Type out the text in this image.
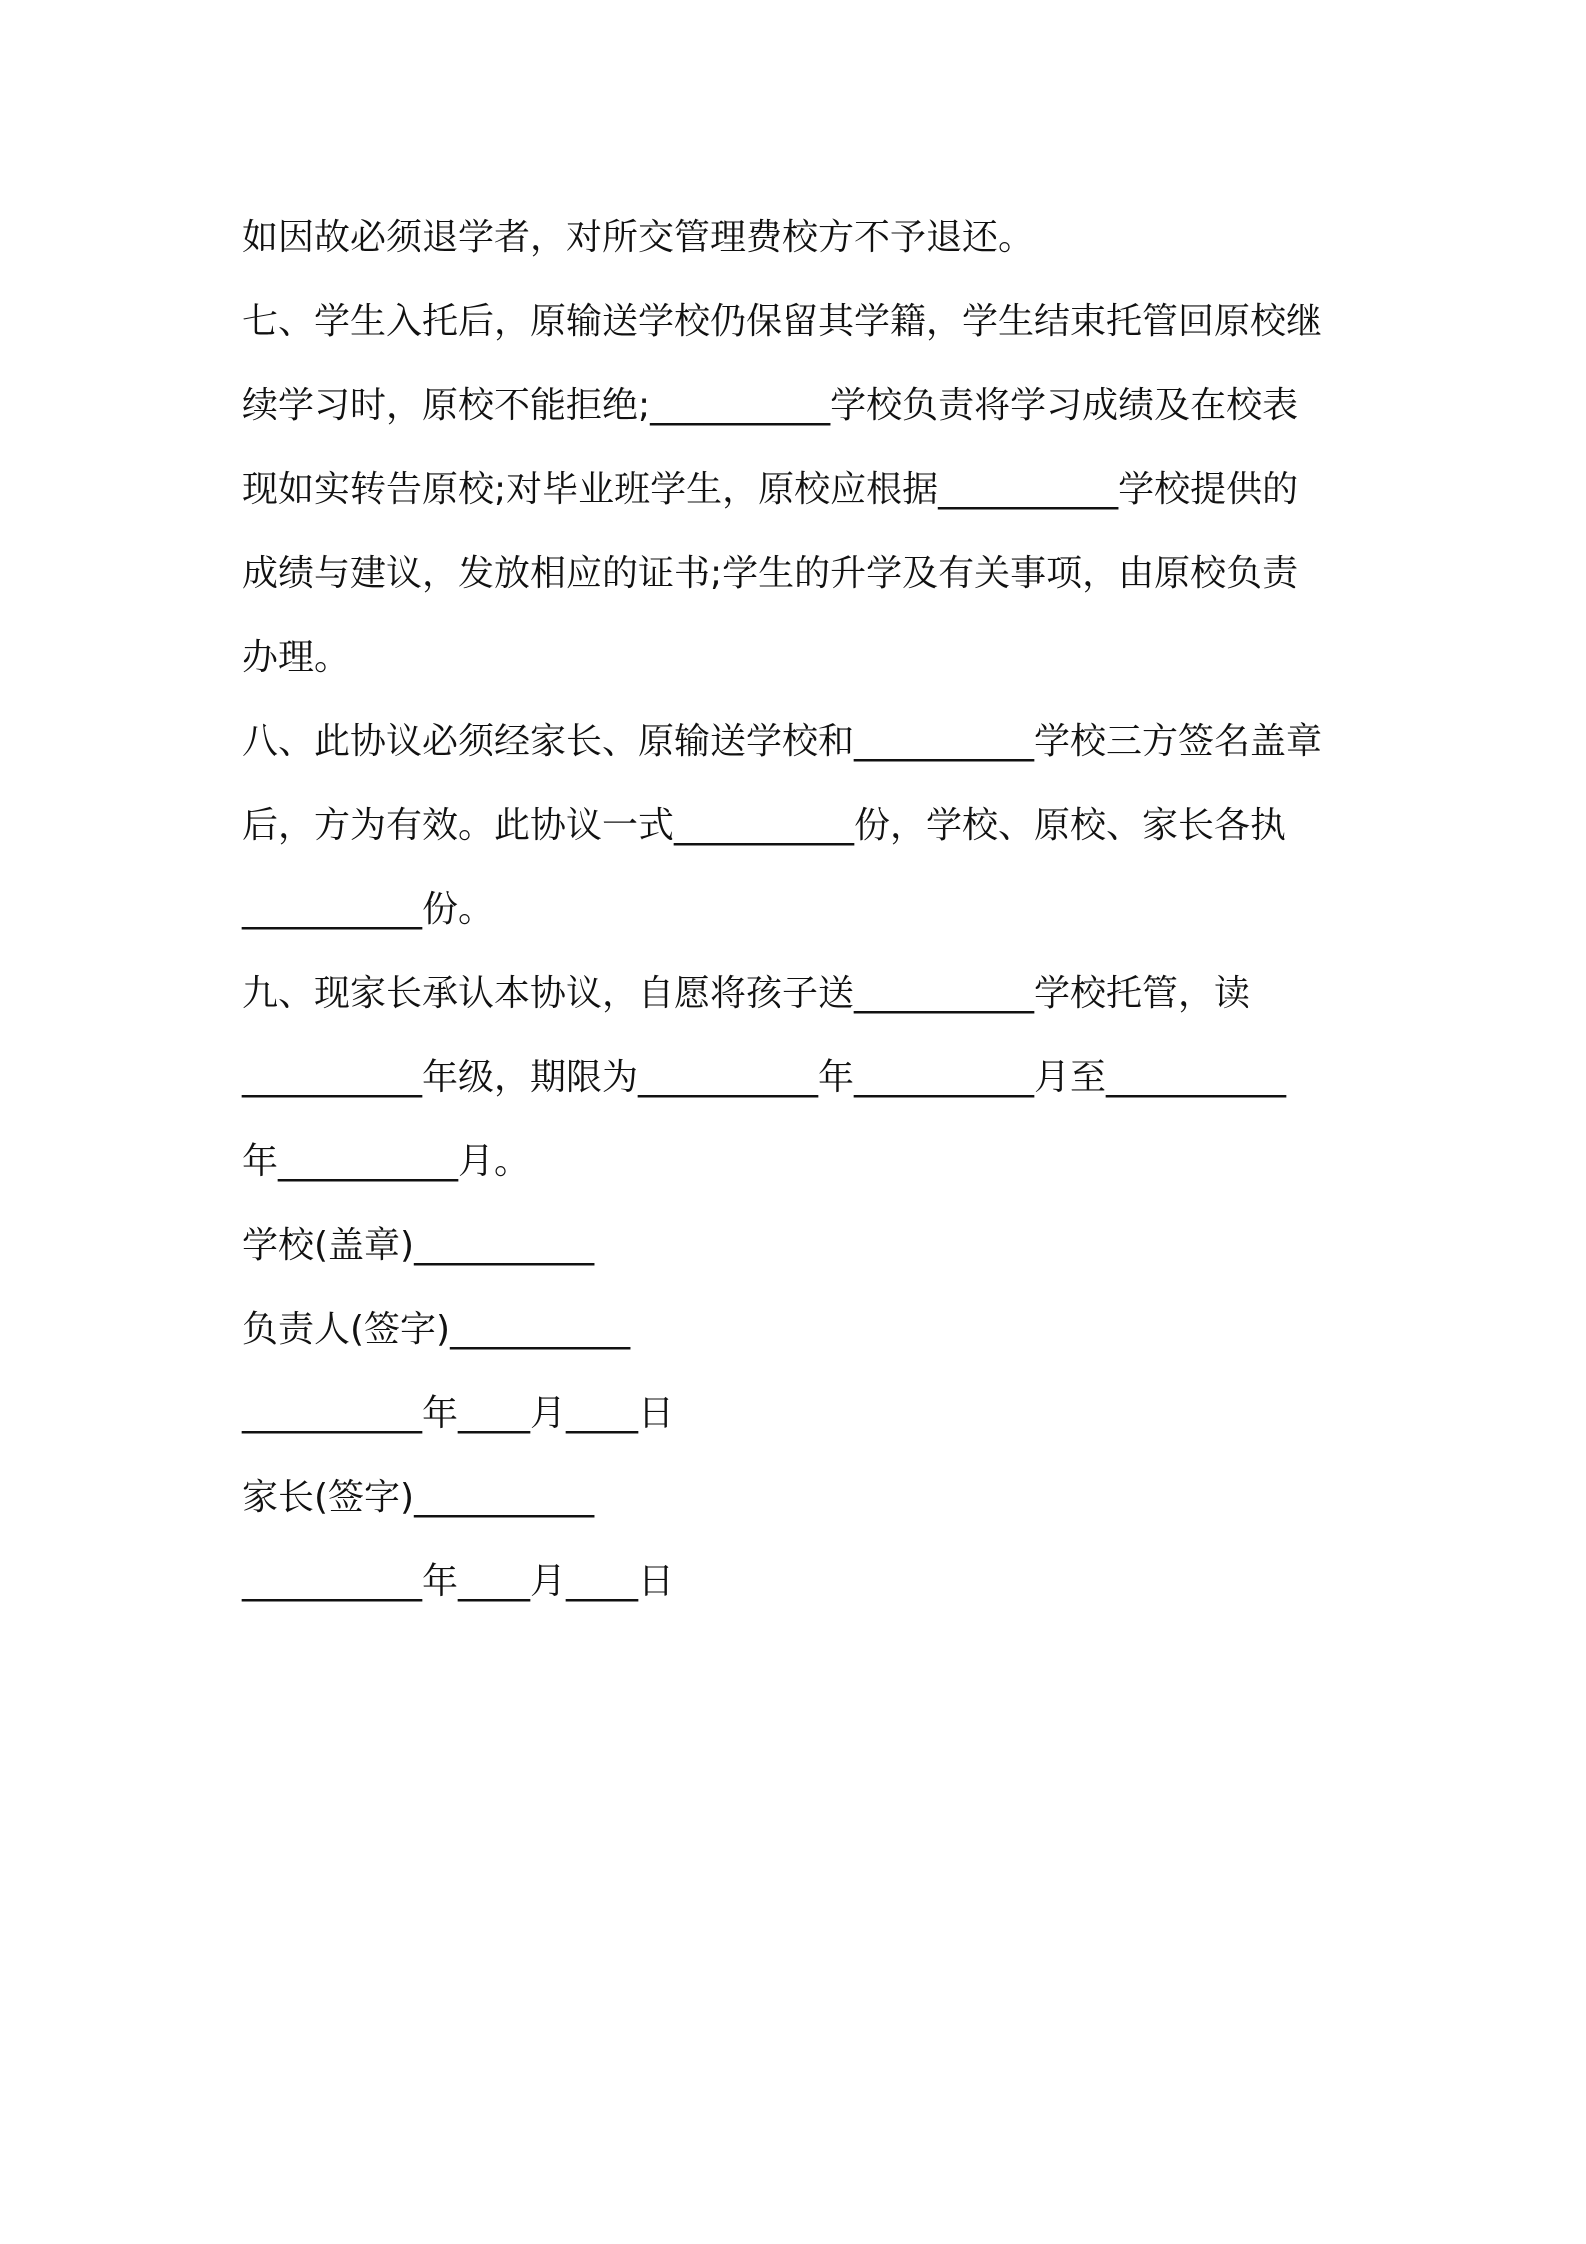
如因故必须退学者，对所交管理费校方不予退还。

七、学生入托后，原输送学校仍保留其学籍，学生结束托管回原校继

续学习时，原校不能拒绝;__________学校负责将学习成绩及在校表

现如实转告原校;对毕业班学生，原校应根据__________学校提供的

成绩与建议，发放相应的证书;学生的升学及有关事项，由原校负责

办理。

八、此协议必须经家长、原输送学校和__________学校三方签名盖章

后，方为有效。此协议一式__________份，学校、原校、家长各执

__________份。

九、现家长承认本协议，自愿将孩子送__________学校托管，读

__________年级，期限为__________年__________月至__________

年__________月。

学校(盖章)__________

负责人(签字)__________

__________年____月____日

家长(签字)__________

__________年____月____日
